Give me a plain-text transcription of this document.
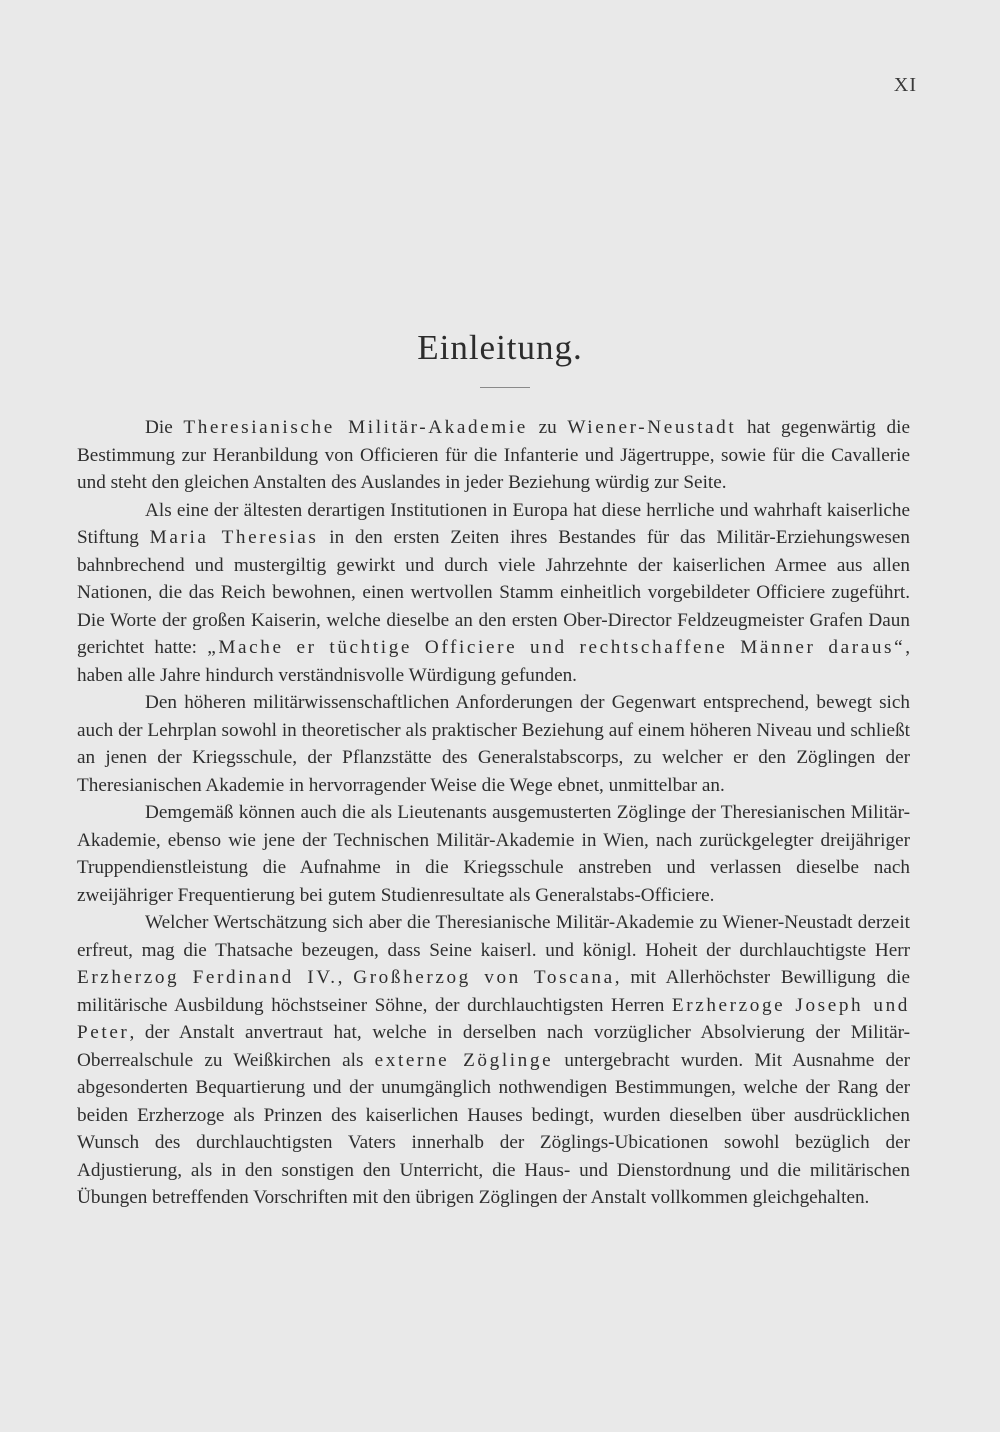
XI
Einleitung.

Die Theresianische Militär-Akademie zu Wiener-Neustadt hat gegenwärtig die Bestimmung zur Heranbildung von Officieren für die Infanterie und Jägertruppe, sowie für die Cavallerie und steht den gleichen Anstalten des Auslandes in jeder Beziehung würdig zur Seite.

Als eine der ältesten derartigen Institutionen in Europa hat diese herrliche und wahrhaft kaiserliche Stiftung Maria Theresias in den ersten Zeiten ihres Bestandes für das Militär-Erziehungswesen bahnbrechend und mustergiltig gewirkt und durch viele Jahrzehnte der kaiserlichen Armee aus allen Nationen, die das Reich bewohnen, einen wertvollen Stamm einheitlich vorgebildeter Officiere zugeführt. Die Worte der großen Kaiserin, welche dieselbe an den ersten Ober-Director Feldzeugmeister Grafen Daun gerichtet hatte: „Mache er tüchtige Officiere und rechtschaffene Männer daraus“, haben alle Jahre hindurch verständnisvolle Würdigung gefunden.

Den höheren militärwissenschaftlichen Anforderungen der Gegenwart entsprechend, bewegt sich auch der Lehrplan sowohl in theoretischer als praktischer Beziehung auf einem höheren Niveau und schließt an jenen der Kriegsschule, der Pflanzstätte des Generalstabscorps, zu welcher er den Zöglingen der Theresianischen Akademie in hervorragender Weise die Wege ebnet, unmittelbar an.

Demgemäß können auch die als Lieutenants ausgemusterten Zöglinge der Theresianischen Militär-Akademie, ebenso wie jene der Technischen Militär-Akademie in Wien, nach zurückgelegter dreijähriger Truppendienstleistung die Aufnahme in die Kriegsschule anstreben und verlassen dieselbe nach zweijähriger Frequentierung bei gutem Studienresultate als Generalstabs-Officiere.

Welcher Wertschätzung sich aber die Theresianische Militär-Akademie zu Wiener-Neustadt derzeit erfreut, mag die Thatsache bezeugen, dass Seine kaiserl. und königl. Hoheit der durchlauchtigste Herr Erzherzog Ferdinand IV., Großherzog von Toscana, mit Allerhöchster Bewilligung die militärische Ausbildung höchstseiner Söhne, der durchlauchtigsten Herren Erzherzoge Joseph und Peter, der Anstalt anvertraut hat, welche in derselben nach vorzüglicher Absolvierung der Militär-Oberrealschule zu Weißkirchen als externe Zöglinge untergebracht wurden. Mit Ausnahme der abgesonderten Bequartierung und der unumgänglich nothwendigen Bestimmungen, welche der Rang der beiden Erzherzoge als Prinzen des kaiserlichen Hauses bedingt, wurden dieselben über ausdrücklichen Wunsch des durchlauchtigsten Vaters innerhalb der Zöglings-Ubicationen sowohl bezüglich der Adjustierung, als in den sonstigen den Unterricht, die Haus- und Dienstordnung und die militärischen Übungen betreffenden Vorschriften mit den übrigen Zöglingen der Anstalt vollkommen gleichgehalten.
